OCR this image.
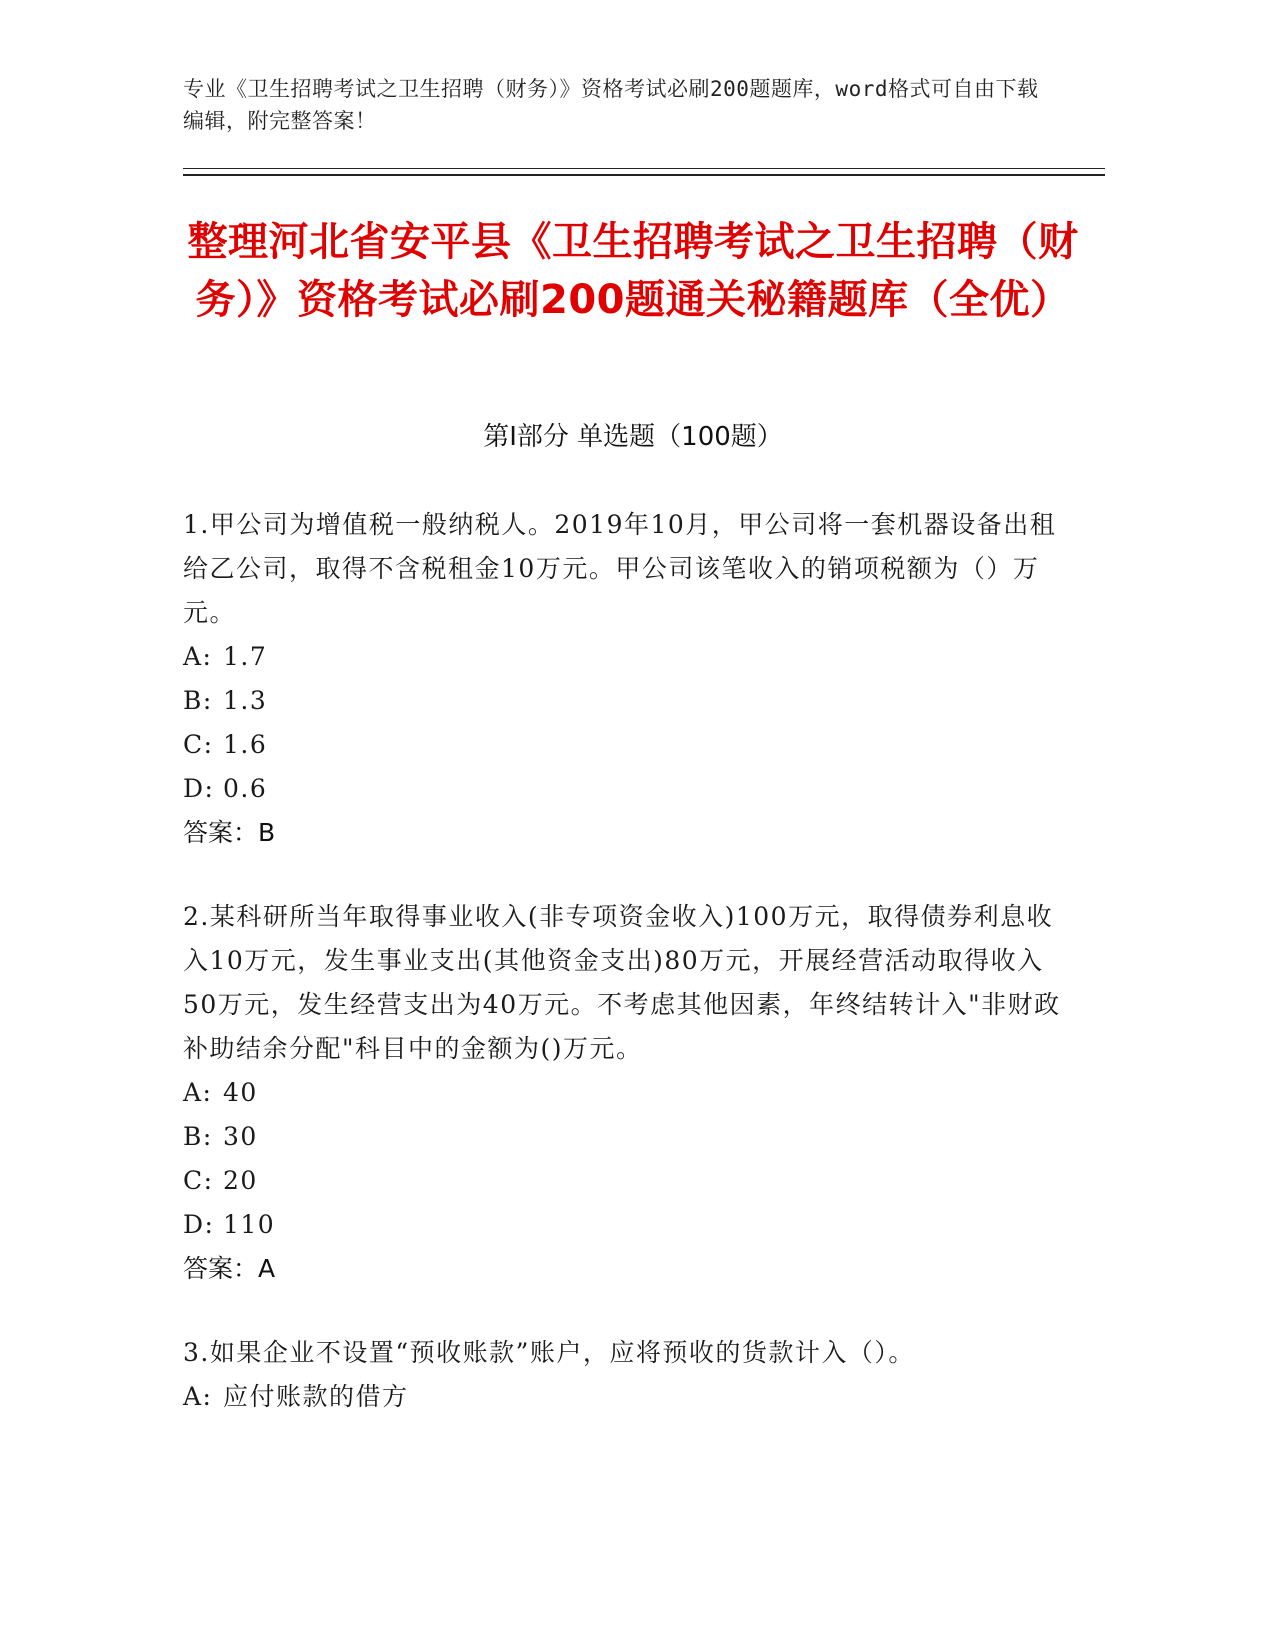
专业《卫生招聘考试之卫生招聘（财务）》资格考试必刷200题题库，word格式可自由下载编辑，附完整答案！
整理河北省安平县《卫生招聘考试之卫生招聘（财务）》资格考试必刷200题通关秘籍题库（全优）
第I部分 单选题（100题）

1.甲公司为增值税一般纳税人。2019年10月，甲公司将一套机器设备出租给乙公司，取得不含税租金10万元。甲公司该笔收入的销项税额为（）万元。

A: 1.7

B: 1.3

C: 1.6

D: 0.6

答案：B

2.某科研所当年取得事业收入(非专项资金收入)100万元，取得债券利息收入10万元，发生事业支出(其他资金支出)80万元，开展经营活动取得收入50万元，发生经营支出为40万元。不考虑其他因素，年终结转计入"非财政补助结余分配"科目中的金额为()万元。

A: 40

B: 30

C: 20

D: 110

答案：A

3.如果企业不设置“预收账款”账户，应将预收的货款计入（）。

A: 应付账款的借方
